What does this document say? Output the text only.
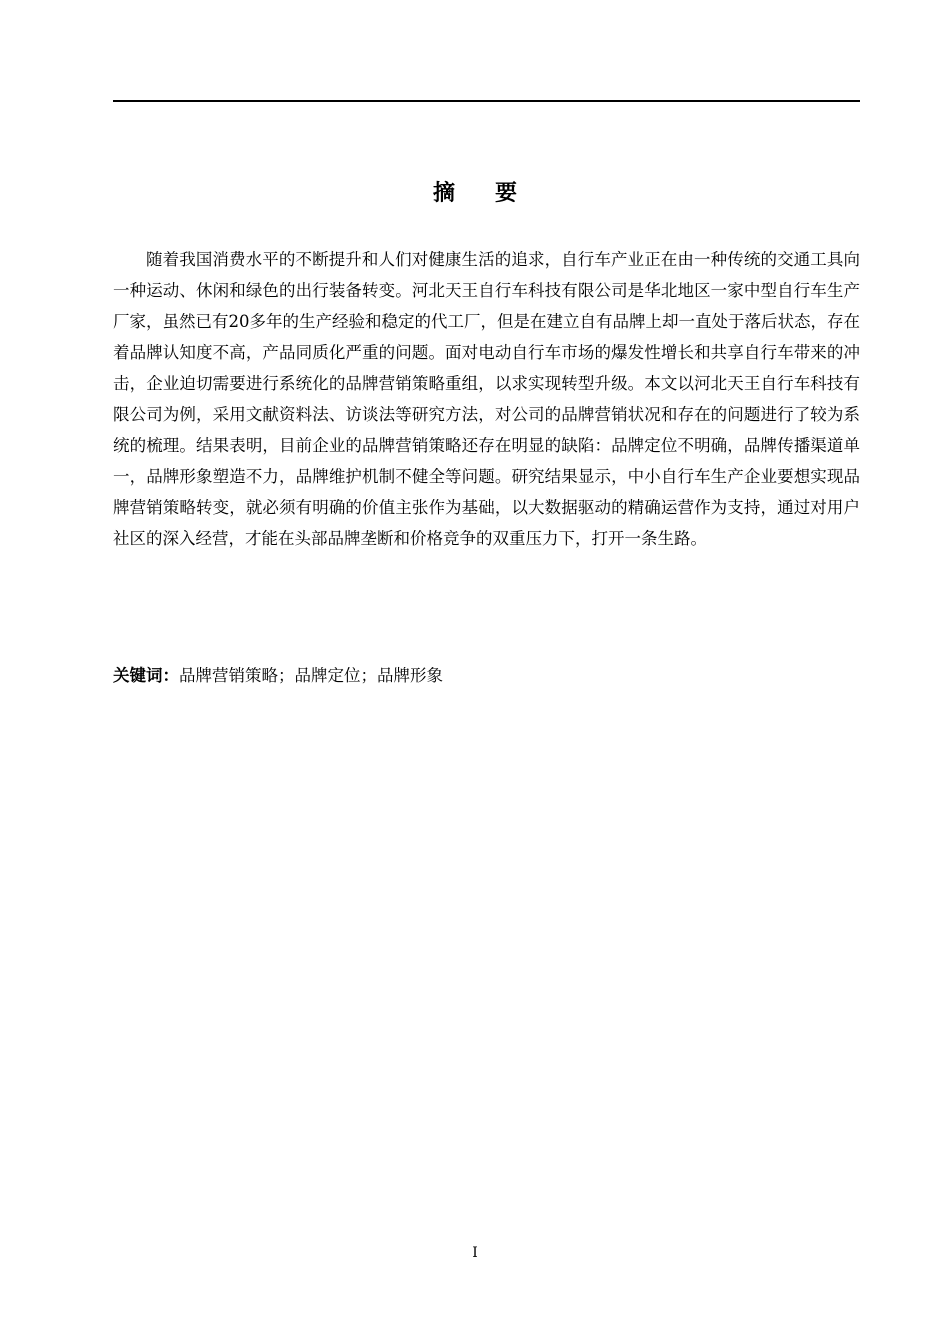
摘要

随着我国消费水平的不断提升和人们对健康生活的追求，自行车产业正在由一种传统的交通工具向一种运动、休闲和绿色的出行装备转变。河北天王自行车科技有限公司是华北地区一家中型自行车生产厂家，虽然已有20多年的生产经验和稳定的代工厂，但是在建立自有品牌上却一直处于落后状态，存在着品牌认知度不高，产品同质化严重的问题。面对电动自行车市场的爆发性增长和共享自行车带来的冲击，企业迫切需要进行系统化的品牌营销策略重组，以求实现转型升级。本文以河北天王自行车科技有限公司为例，采用文献资料法、访谈法等研究方法，对公司的品牌营销状况和存在的问题进行了较为系统的梳理。结果表明，目前企业的品牌营销策略还存在明显的缺陷：品牌定位不明确，品牌传播渠道单一，品牌形象塑造不力，品牌维护机制不健全等问题。研究结果显示，中小自行车生产企业要想实现品牌营销策略转变，就必须有明确的价值主张作为基础，以大数据驱动的精确运营作为支持，通过对用户社区的深入经营，才能在头部品牌垄断和价格竞争的双重压力下，打开一条生路。

关键词：品牌营销策略；品牌定位；品牌形象
I
